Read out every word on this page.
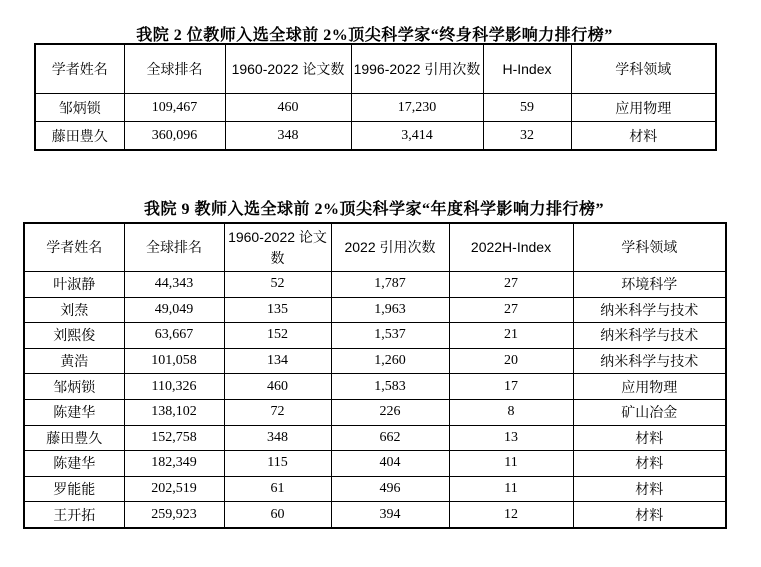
我院 2 位教师入选全球前 2%顶尖科学家“终身科学影响力排行榜”
学者姓名	全球排名	1960-2022 论文数	1996-2022 引用次数	H-Index	学科领域
邹炳锁	109,467	460	17,230	59	应用物理
藤田豊久	360,096	348	3,414	32	材料
我院 9 教师入选全球前 2%顶尖科学家“年度科学影响力排行榜”
学者姓名	全球排名	1960-2022 论文数	2022 引用次数	2022H-Index	学科领域
叶淑静	44,343	52	1,787	27	环境科学
刘焘	49,049	135	1,963	27	纳米科学与技术
刘熙俊	63,667	152	1,537	21	纳米科学与技术
黄浩	101,058	134	1,260	20	纳米科学与技术
邹炳锁	110,326	460	1,583	17	应用物理
陈建华	138,102	72	226	8	矿山冶金
藤田豊久	152,758	348	662	13	材料
陈建华	182,349	115	404	11	材料
罗能能	202,519	61	496	11	材料
王开拓	259,923	60	394	12	材料
